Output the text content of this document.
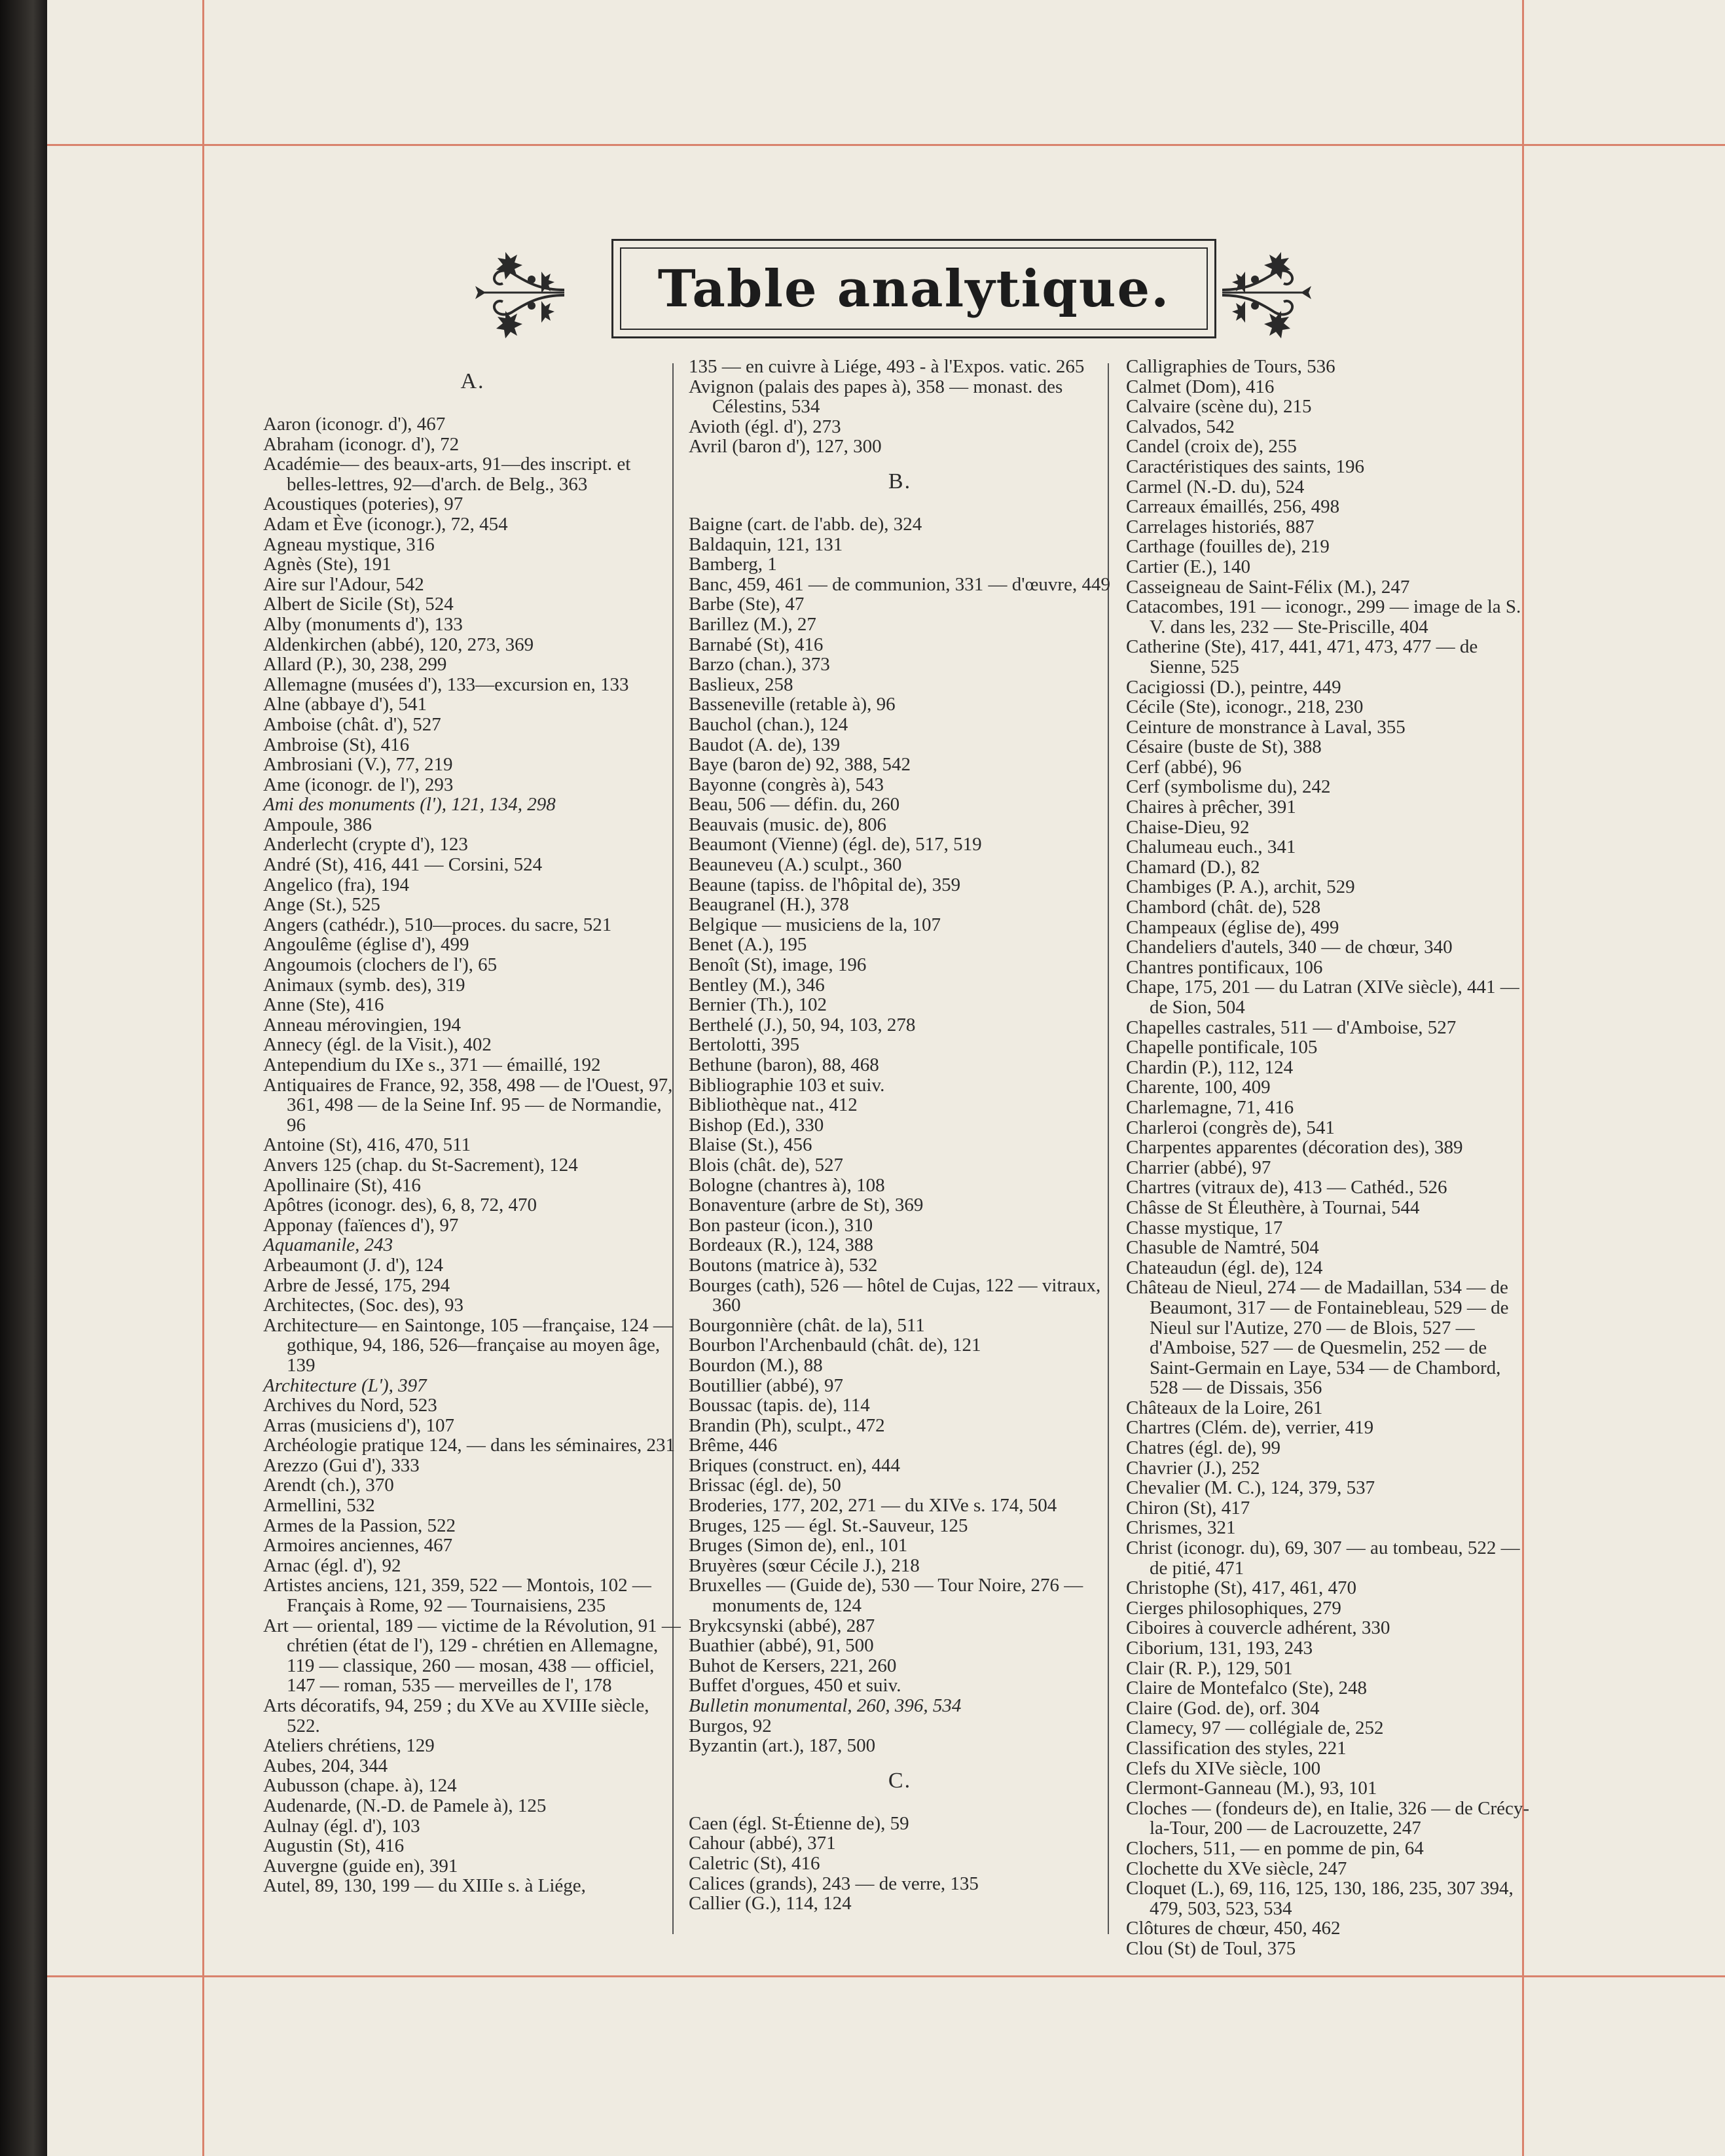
Table analytique.
A.
Aaron (iconogr. d'), 467
Abraham (iconogr. d'), 72
Académie— des beaux-arts, 91—des inscript. et belles-lettres, 92—d'arch. de Belg., 363
Acoustiques (poteries), 97
Adam et Ève (iconogr.), 72, 454
Agneau mystique, 316
Agnès (Ste), 191
Aire sur l'Adour, 542
Albert de Sicile (St), 524
Alby (monuments d'), 133
Aldenkirchen (abbé), 120, 273, 369
Allard (P.), 30, 238, 299
Allemagne (musées d'), 133—excursion en, 133
Alne (abbaye d'), 541
Amboise (chât. d'), 527
Ambroise (St), 416
Ambrosiani (V.), 77, 219
Ame (iconogr. de l'), 293
Ami des monuments (l'), 121, 134, 298
Ampoule, 386
Anderlecht (crypte d'), 123
André (St), 416, 441 — Corsini, 524
Angelico (fra), 194
Ange (St.), 525
Angers (cathédr.), 510—proces. du sacre, 521
Angoulême (église d'), 499
Angoumois (clochers de l'), 65
Animaux (symb. des), 319
Anne (Ste), 416
Anneau mérovingien, 194
Annecy (égl. de la Visit.), 402
Antependium du IXe s., 371 — émaillé, 192
Antiquaires de France, 92, 358, 498 — de l'Ouest, 97, 361, 498 — de la Seine Inf. 95 — de Normandie, 96
Antoine (St), 416, 470, 511
Anvers 125 (chap. du St-Sacrement), 124
Apollinaire (St), 416
Apôtres (iconogr. des), 6, 8, 72, 470
Apponay (faïences d'), 97
Aquamanile, 243
Arbeaumont (J. d'), 124
Arbre de Jessé, 175, 294
Architectes, (Soc. des), 93
Architecture— en Saintonge, 105 —française, 124 — gothique, 94, 186, 526—française au moyen âge, 139
Architecture (L'), 397
Archives du Nord, 523
Arras (musiciens d'), 107
Archéologie pratique 124, — dans les séminaires, 231
Arezzo (Gui d'), 333
Arendt (ch.), 370
Armellini, 532
Armes de la Passion, 522
Armoires anciennes, 467
Arnac (égl. d'), 92
Artistes anciens, 121, 359, 522 — Montois, 102 — Français à Rome, 92 — Tournaisiens, 235
Art — oriental, 189 — victime de la Révolution, 91 — chrétien (état de l'), 129 - chrétien en Allemagne, 119 — classique, 260 — mosan, 438 — officiel, 147 — roman, 535 — merveilles de l', 178
Arts décoratifs, 94, 259 ; du XVe au XVIIIe siècle, 522.
Ateliers chrétiens, 129
Aubes, 204, 344
Aubusson (chape. à), 124
Audenarde, (N.-D. de Pamele à), 125
Aulnay (égl. d'), 103
Augustin (St), 416
Auvergne (guide en), 391
Autel, 89, 130, 199 — du XIIIe s. à Liége,
135 — en cuivre à Liége, 493 - à l'Expos. vatic. 265
Avignon (palais des papes à), 358 — monast. des Célestins, 534
Avioth (égl. d'), 273
Avril (baron d'), 127, 300
B.
Baigne (cart. de l'abb. de), 324
Baldaquin, 121, 131
Bamberg, 1
Banc, 459, 461 — de communion, 331 — d'œuvre, 449
Barbe (Ste), 47
Barillez (M.), 27
Barnabé (St), 416
Barzo (chan.), 373
Baslieux, 258
Basseneville (retable à), 96
Bauchol (chan.), 124
Baudot (A. de), 139
Baye (baron de) 92, 388, 542
Bayonne (congrès à), 543
Beau, 506 — défin. du, 260
Beauvais (music. de), 806
Beaumont (Vienne) (égl. de), 517, 519
Beauneveu (A.) sculpt., 360
Beaune (tapiss. de l'hôpital de), 359
Beaugranel (H.), 378
Belgique — musiciens de la, 107
Benet (A.), 195
Benoît (St), image, 196
Bentley (M.), 346
Bernier (Th.), 102
Berthelé (J.), 50, 94, 103, 278
Bertolotti, 395
Bethune (baron), 88, 468
Bibliographie 103 et suiv.
Bibliothèque nat., 412
Bishop (Ed.), 330
Blaise (St.), 456
Blois (chât. de), 527
Bologne (chantres à), 108
Bonaventure (arbre de St), 369
Bon pasteur (icon.), 310
Bordeaux (R.), 124, 388
Boutons (matrice à), 532
Bourges (cath), 526 — hôtel de Cujas, 122 — vitraux, 360
Bourgonnière (chât. de la), 511
Bourbon l'Archenbauld (chât. de), 121
Bourdon (M.), 88
Boutillier (abbé), 97
Boussac (tapis. de), 114
Brandin (Ph), sculpt., 472
Brême, 446
Briques (construct. en), 444
Brissac (égl. de), 50
Broderies, 177, 202, 271 — du XIVe s. 174, 504
Bruges, 125 — égl. St.-Sauveur, 125
Bruges (Simon de), enl., 101
Bruyères (sœur Cécile J.), 218
Bruxelles — (Guide de), 530 — Tour Noire, 276 — monuments de, 124
Brykcsynski (abbé), 287
Buathier (abbé), 91, 500
Buhot de Kersers, 221, 260
Buffet d'orgues, 450 et suiv.
Bulletin monumental, 260, 396, 534
Burgos, 92
Byzantin (art.), 187, 500
C.
Caen (égl. St-Étienne de), 59
Cahour (abbé), 371
Caletric (St), 416
Calices (grands), 243 — de verre, 135
Callier (G.), 114, 124
Calligraphies de Tours, 536
Calmet (Dom), 416
Calvaire (scène du), 215
Calvados, 542
Candel (croix de), 255
Caractéristiques des saints, 196
Carmel (N.-D. du), 524
Carreaux émaillés, 256, 498
Carrelages historiés, 887
Carthage (fouilles de), 219
Cartier (E.), 140
Casseigneau de Saint-Félix (M.), 247
Catacombes, 191 — iconogr., 299 — image de la S. V. dans les, 232 — Ste-Priscille, 404
Catherine (Ste), 417, 441, 471, 473, 477 — de Sienne, 525
Cacigiossi (D.), peintre, 449
Cécile (Ste), iconogr., 218, 230
Ceinture de monstrance à Laval, 355
Césaire (buste de St), 388
Cerf (abbé), 96
Cerf (symbolisme du), 242
Chaires à prêcher, 391
Chaise-Dieu, 92
Chalumeau euch., 341
Chamard (D.), 82
Chambiges (P. A.), archit, 529
Chambord (chât. de), 528
Champeaux (église de), 499
Chandeliers d'autels, 340 — de chœur, 340
Chantres pontificaux, 106
Chape, 175, 201 — du Latran (XIVe siècle), 441 — de Sion, 504
Chapelles castrales, 511 — d'Amboise, 527
Chapelle pontificale, 105
Chardin (P.), 112, 124
Charente, 100, 409
Charlemagne, 71, 416
Charleroi (congrès de), 541
Charpentes apparentes (décoration des), 389
Charrier (abbé), 97
Chartres (vitraux de), 413 — Cathéd., 526
Châsse de St Éleuthère, à Tournai, 544
Chasse mystique, 17
Chasuble de Namtré, 504
Chateaudun (égl. de), 124
Château de Nieul, 274 — de Madaillan, 534 — de Beaumont, 317 — de Fontainebleau, 529 — de Nieul sur l'Autize, 270 — de Blois, 527 — d'Amboise, 527 — de Quesmelin, 252 — de Saint-Germain en Laye, 534 — de Chambord, 528 — de Dissais, 356
Châteaux de la Loire, 261
Chartres (Clém. de), verrier, 419
Chatres (égl. de), 99
Chavrier (J.), 252
Chevalier (M. C.), 124, 379, 537
Chiron (St), 417
Chrismes, 321
Christ (iconogr. du), 69, 307 — au tombeau, 522 — de pitié, 471
Christophe (St), 417, 461, 470
Cierges philosophiques, 279
Ciboires à couvercle adhérent, 330
Ciborium, 131, 193, 243
Clair (R. P.), 129, 501
Claire de Montefalco (Ste), 248
Claire (God. de), orf. 304
Clamecy, 97 — collégiale de, 252
Classification des styles, 221
Clefs du XIVe siècle, 100
Clermont-Ganneau (M.), 93, 101
Cloches — (fondeurs de), en Italie, 326 — de Crécy-la-Tour, 200 — de Lacrouzette, 247
Clochers, 511, — en pomme de pin, 64
Clochette du XVe siècle, 247
Cloquet (L.), 69, 116, 125, 130, 186, 235, 307 394, 479, 503, 523, 534
Clôtures de chœur, 450, 462
Clou (St) de Toul, 375
